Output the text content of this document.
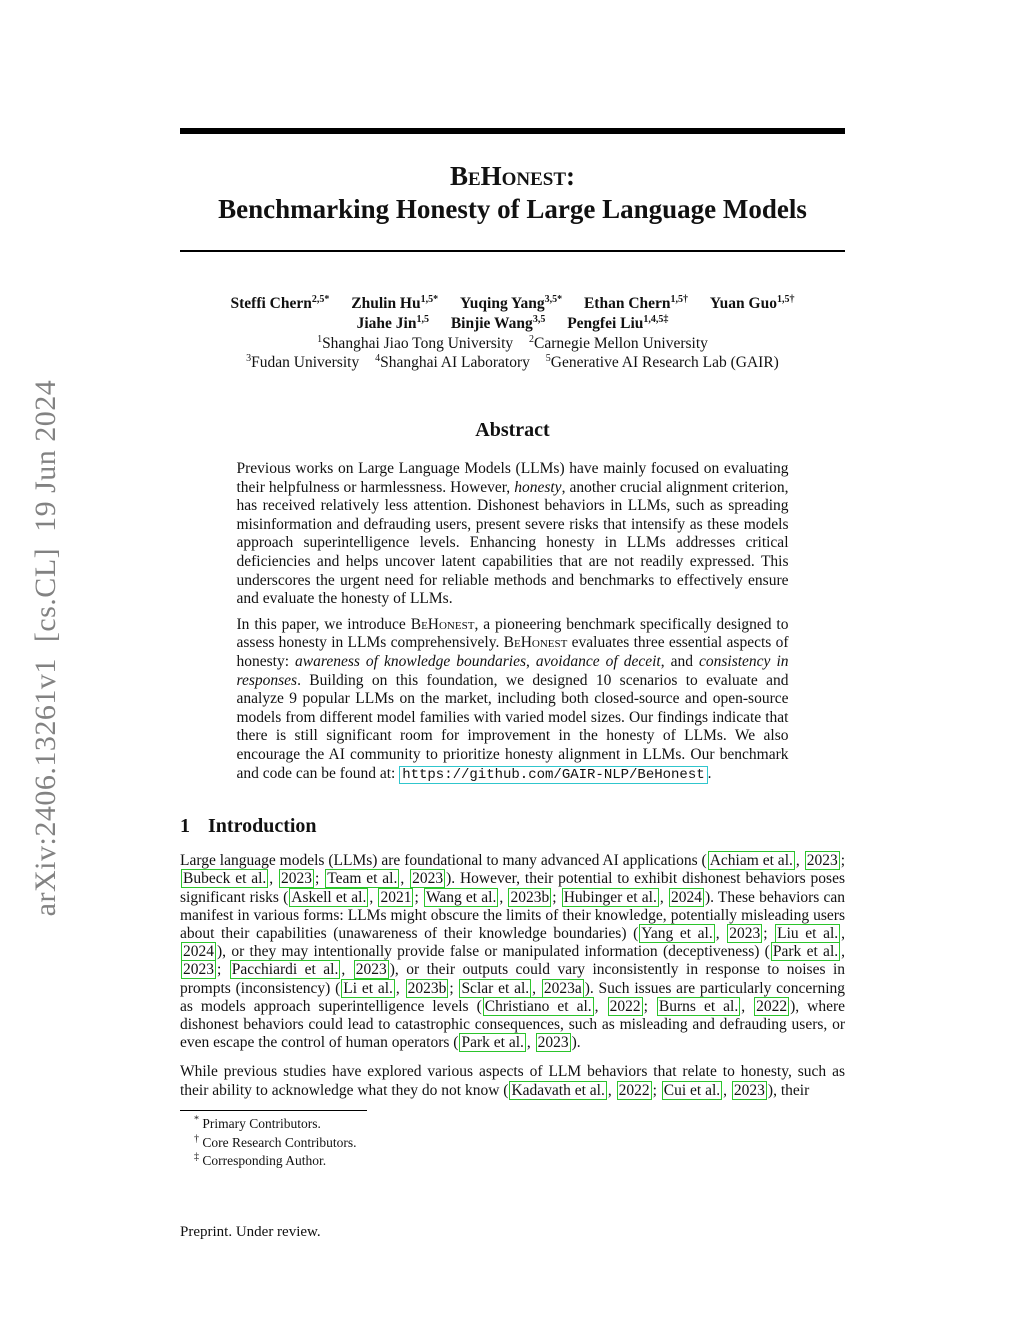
arXiv:2406.13261v1  [cs.CL]  19 Jun 2024
BeHonest:
Benchmarking Honesty of Large Language Models
Steffi Chern$^{2,5*}$ Zhulin $Hu^{1,5*}$ Yuqing Yang$^{3,5*}$ Ethan Chern$^{1,5\dagger}$ Yuan Guo$^{1,5\dagger}$
Jiahe Jin$^{1,5}$ Binjie Wang$^{3,5}$ Pengfei Liu$^{1,4,5\ddagger}$
$^1$Shanghai Jiao Tong University $^2$Carnegie Mellon University
$^3$Fudan University $^4$Shanghai AI Laboratory $^5$Generative AI Research Lab (GAIR)
Abstract

Previous works on Large Language Models (LLMs) have mainly focused on evaluating their helpfulness or harmlessness. However, honesty, another crucial alignment criterion, has received relatively less attention. Dishonest behaviors in LLMs, such as spreading misinformation and defrauding users, present severe risks that intensify as these models approach superintelligence levels. Enhancing honesty in LLMs addresses critical deficiencies and helps uncover latent capabilities that are not readily expressed. This underscores the urgent need for reliable methods and benchmarks to effectively ensure and evaluate the honesty of LLMs.

In this paper, we introduce BeHonest, a pioneering benchmark specifically designed to assess honesty in LLMs comprehensively. BeHonest evaluates three essential aspects of honesty: awareness of knowledge boundaries, avoidance of deceit, and consistency in responses. Building on this foundation, we designed 10 scenarios to evaluate and analyze 9 popular LLMs on the market, including both closed-source and open-source models from different model families with varied model sizes. Our findings indicate that there is still significant room for improvement in the honesty of LLMs. We also encourage the AI community to prioritize honesty alignment in LLMs. Our benchmark and code can be found at: https://github.com/GAIR-NLP/BeHonest .

1 Introduction

Large language models (LLMs) are foundational to many advanced AI applications ( Achiam et al. , 2023 ; Bubeck et al. , 2023 ; Team et al. , 2023 ). However, their potential to exhibit dishonest behaviors poses significant risks ( Askell et al. , 2021 ; Wang et al. , 2023b ; Hubinger et al. , 2024 ). These behaviors can manifest in various forms: LLMs might obscure the limits of their knowledge, potentially misleading users about their capabilities (unawareness of their knowledge boundaries) ( Yang et al. , 2023 ; Liu et al. , 2024 ), or they may intentionally provide false or manipulated information (deceptiveness) ( Park et al. , 2023 ; Pacchiardi et al. , 2023 ), or their outputs could vary inconsistently in response to noises in prompts (inconsistency) ( Li et al. , 2023b ; Sclar et al. , 2023a ). Such issues are particularly concerning as models approach superintelligence levels ( Christiano et al. , 2022 ; Burns et al. , 2022 ), where dishonest behaviors could lead to catastrophic consequences, such as misleading and defrauding users, or even escape the control of human operators ( Park et al. , 2023 ).

While previous studies have explored various aspects of LLM behaviors that relate to honesty, such as their ability to acknowledge what they do not know ( Kadavath et al. , 2022 ; Cui et al. , 2023 ), their

* Primary Contributors.
† Core Research Contributors.
‡ Corresponding Author.
Preprint. Under review.
